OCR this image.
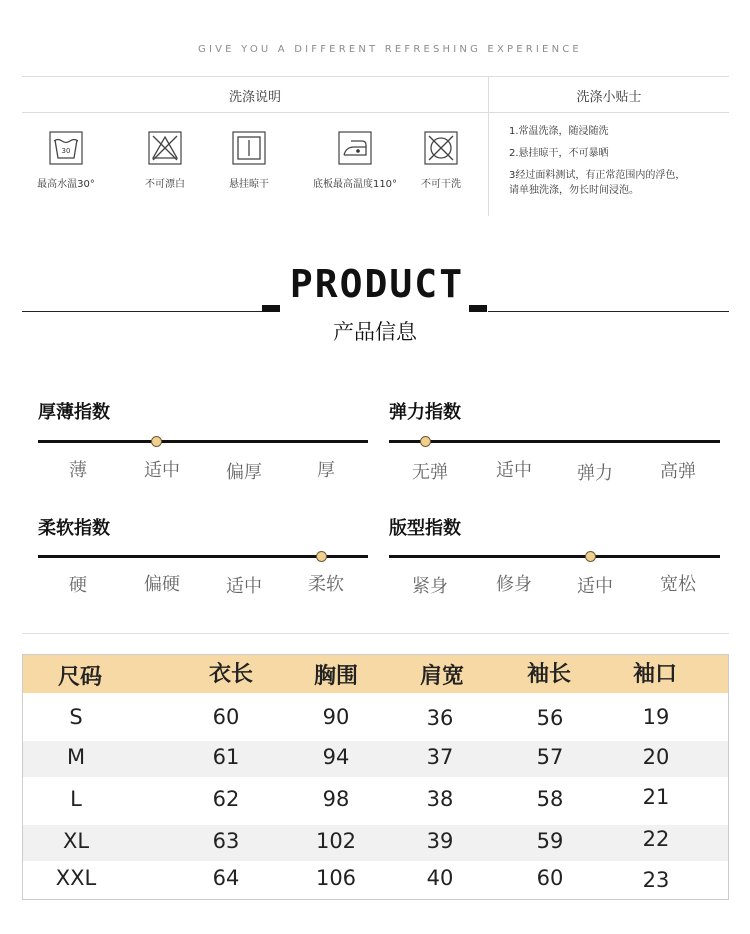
GIVE YOU A DIFFERENT REFRESHING EXPERIENCE
洗涤说明	洗涤小贴士
30
最高水温30°	不可漂白	悬挂晾干	底板最高温度110°	不可干洗
1.常温洗涤，随浸随洗
2.悬挂晾干，不可暴晒
3经过面料测试，有正常范围内的浮色，
请单独洗涤，勿长时间浸泡。
PRODUCT
产品信息
厚薄指数
薄	适中	偏厚	厚
弹力指数
无弹	适中	弹力	高弹
柔软指数
硬	偏硬	适中	柔软
版型指数
紧身	修身	适中	宽松
尺码	衣长	胸围	肩宽	袖长	袖口
S	60	90	36	56	19
M	61	94	37	57	20
L	62	98	38	58	21
XL	63	102	39	59	22
XXL	64	106	40	60	23
